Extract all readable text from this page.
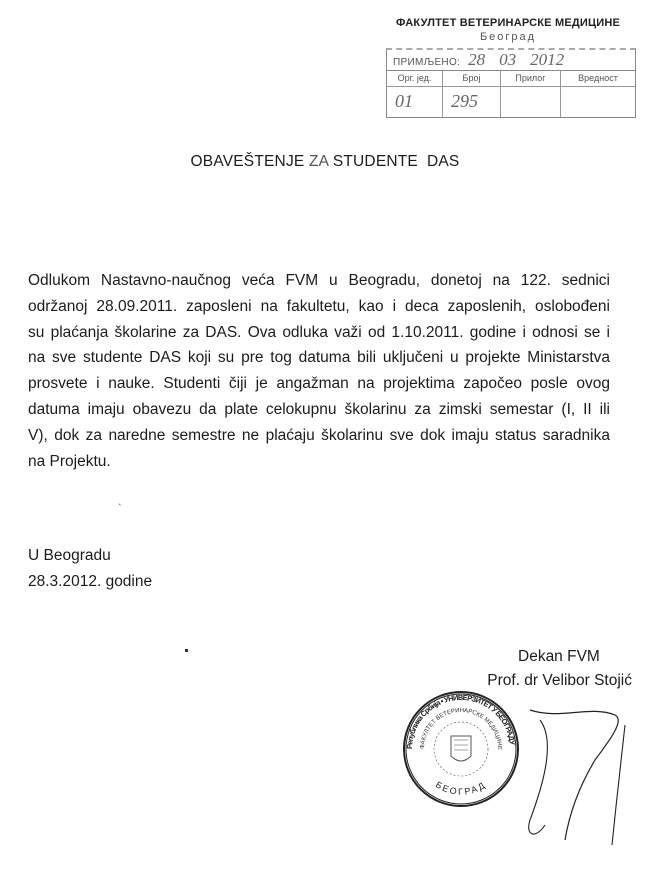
ФАКУЛТЕТ ВЕТЕРИНАРСКЕ МЕДИЦИНЕ
Београд
ПРИМЉЕНО: 28 03 2012
Орг. јед.
01
Број
295
Прилог	Вредност
OBAVEŠTENJE ZA STUDENTE  DAS
Odlukom Nastavno-naučnog veća FVM u Beogradu, donetoj na 122. sednici
održanoj 28.09.2011. zaposleni na fakultetu, kao i deca zaposlenih, oslobođeni
su plaćanja školarine za DAS. Ova odluka važi od 1.10.2011. godine i odnosi se i
na sve studente DAS koji su pre tog datuma bili uključeni u projekte Ministarstva
prosvete i nauke. Studenti čiji je angažman na projektima započeo posle ovog
datuma imaju obavezu da plate celokupnu školarinu za zimski semestar (I, II ili
V), dok za naredne semestre ne plaćaju školarinu sve dok imaju status saradnika
na Projektu.
`
U Beogradu
28.3.2012. godine
Dekan FVM
Prof. dr Velibor Stojić
Република Србија • УНИВЕРЗИТЕТ У БЕОГРАДУ
ФАКУЛТЕТ ВЕТЕРИНАРСКЕ МЕДИЦИНЕ
БЕОГРАД
